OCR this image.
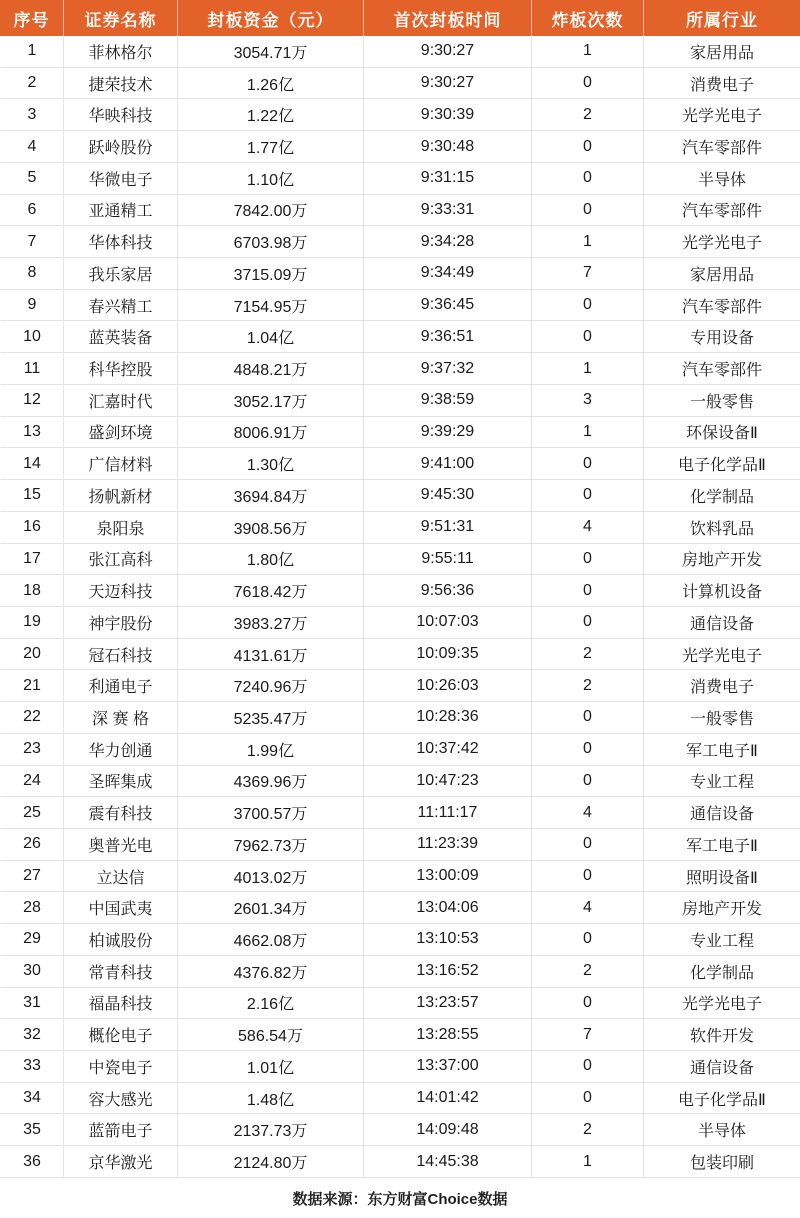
序号	证券名称	封板资金（元）	首次封板时间	炸板次数	所属行业
1	菲林格尔	3054.71万	9:30:27	1	家居用品
2	捷荣技术	1.26亿	9:30:27	0	消费电子
3	华映科技	1.22亿	9:30:39	2	光学光电子
4	跃岭股份	1.77亿	9:30:48	0	汽车零部件
5	华微电子	1.10亿	9:31:15	0	半导体
6	亚通精工	7842.00万	9:33:31	0	汽车零部件
7	华体科技	6703.98万	9:34:28	1	光学光电子
8	我乐家居	3715.09万	9:34:49	7	家居用品
9	春兴精工	7154.95万	9:36:45	0	汽车零部件
10	蓝英装备	1.04亿	9:36:51	0	专用设备
11	科华控股	4848.21万	9:37:32	1	汽车零部件
12	汇嘉时代	3052.17万	9:38:59	3	一般零售
13	盛剑环境	8006.91万	9:39:29	1	环保设备Ⅱ
14	广信材料	1.30亿	9:41:00	0	电子化学品Ⅱ
15	扬帆新材	3694.84万	9:45:30	0	化学制品
16	泉阳泉	3908.56万	9:51:31	4	饮料乳品
17	张江高科	1.80亿	9:55:11	0	房地产开发
18	天迈科技	7618.42万	9:56:36	0	计算机设备
19	神宇股份	3983.27万	10:07:03	0	通信设备
20	冠石科技	4131.61万	10:09:35	2	光学光电子
21	利通电子	7240.96万	10:26:03	2	消费电子
22	深 赛 格	5235.47万	10:28:36	0	一般零售
23	华力创通	1.99亿	10:37:42	0	军工电子Ⅱ
24	圣晖集成	4369.96万	10:47:23	0	专业工程
25	震有科技	3700.57万	11:11:17	4	通信设备
26	奥普光电	7962.73万	11:23:39	0	军工电子Ⅱ
27	立达信	4013.02万	13:00:09	0	照明设备Ⅱ
28	中国武夷	2601.34万	13:04:06	4	房地产开发
29	柏诚股份	4662.08万	13:10:53	0	专业工程
30	常青科技	4376.82万	13:16:52	2	化学制品
31	福晶科技	2.16亿	13:23:57	0	光学光电子
32	概伦电子	586.54万	13:28:55	7	软件开发
33	中瓷电子	1.01亿	13:37:00	0	通信设备
34	容大感光	1.48亿	14:01:42	0	电子化学品Ⅱ
35	蓝箭电子	2137.73万	14:09:48	2	半导体
36	京华激光	2124.80万	14:45:38	1	包装印刷
数据来源：东方财富Choice数据					
